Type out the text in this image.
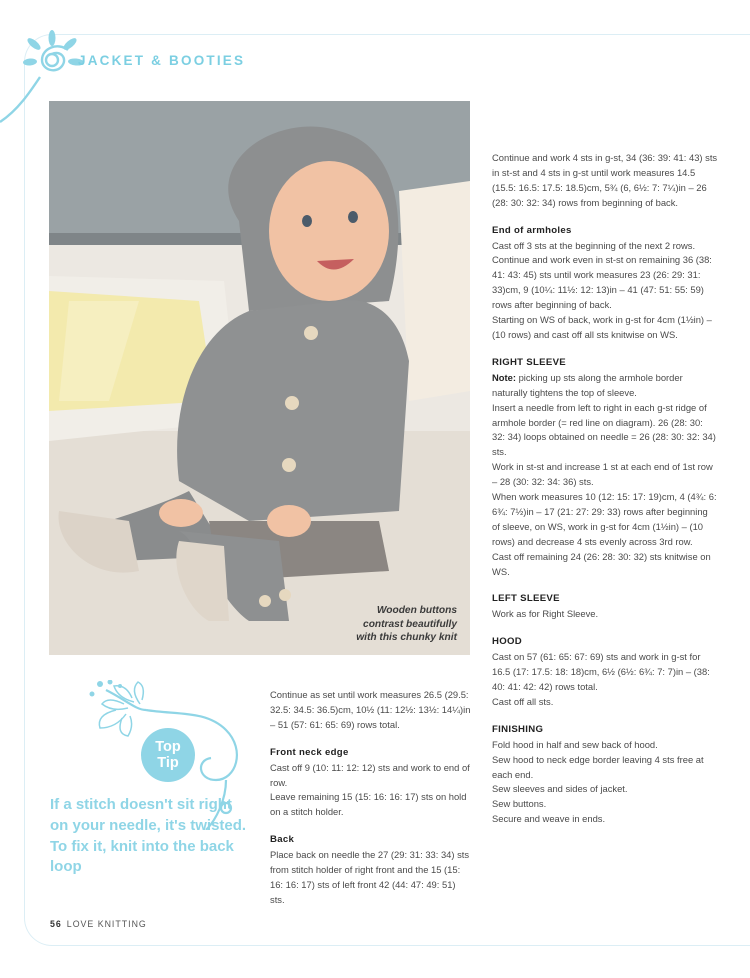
JACKET & BOOTIES
Wooden buttons
contrast beautifully
with this chunky knit

Continue and work 4 sts in g-st, 34 (36: 39: 41: 43) sts in st-st and 4 sts in g-st until work measures 14.5 (15.5: 16.5: 17.5: 18.5)cm, 5¾ (6, 6½: 7: 7¼)in – 26 (28: 30: 32: 34) rows from beginning of back.

End of armholes

Cast off 3 sts at the beginning of the next 2 rows.

Continue and work even in st-st on remaining 36 (38: 41: 43: 45) sts until work measures 23 (26: 29: 31: 33)cm, 9 (10¼: 11½: 12: 13)in – 41 (47: 51: 55: 59) rows after beginning of back.

Starting on WS of back, work in g-st for 4cm (1½in) – (10 rows) and cast off all sts knitwise on WS.

RIGHT SLEEVE

Note: picking up sts along the armhole border naturally tightens the top of sleeve.

Insert a needle from left to right in each g-st ridge of armhole border (= red line on diagram). 26 (28: 30: 32: 34) loops obtained on needle = 26 (28: 30: 32: 34) sts.

Work in st-st and increase 1 st at each end of 1st row – 28 (30: 32: 34: 36) sts.

When work measures 10 (12: 15: 17: 19)cm, 4 (4¾: 6: 6¾: 7½)in – 17 (21: 27: 29: 33) rows after beginning of sleeve, on WS, work in g-st for 4cm (1½in) – (10 rows) and decrease 4 sts evenly across 3rd row.

Cast off remaining 24 (26: 28: 30: 32) sts knitwise on WS.

LEFT SLEEVE

Work as for Right Sleeve.

HOOD

Cast on 57 (61: 65: 67: 69) sts and work in g-st for 16.5 (17: 17.5: 18: 18)cm, 6½ (6½: 6¾: 7: 7)in – (38: 40: 41: 42: 42) rows total.

Cast off all sts.

FINISHING

Fold hood in half and sew back of hood.

Sew hood to neck edge border leaving 4 sts free at each end.

Sew sleeves and sides of jacket.

Sew buttons.

Secure and weave in ends.

Continue as set until work measures 26.5 (29.5: 32.5: 34.5: 36.5)cm, 10½ (11: 12½: 13½: 14¼)in – 51 (57: 61: 65: 69) rows total.

Front neck edge

Cast off 9 (10: 11: 12: 12) sts and work to end of row.

Leave remaining 15 (15: 16: 16: 17) sts on hold on a stitch holder.

Back

Place back on needle the 27 (29: 31: 33: 34) sts from stitch holder of right front and the 15 (15: 16: 16: 17) sts of left front 42 (44: 47: 49: 51) sts.

Top
Tip
If a stitch doesn't sit right on your needle, it's twisted. To fix it, knit into the back loop
56 LOVE KNITTING
